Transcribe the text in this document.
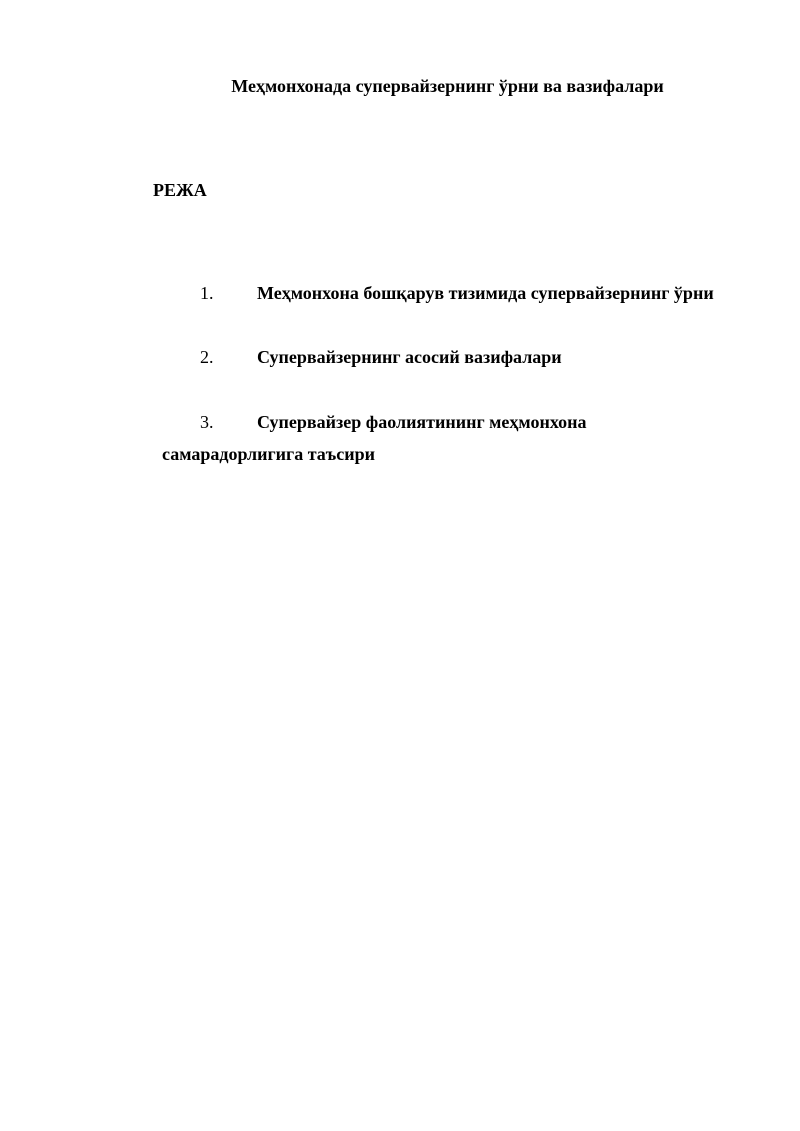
Меҳмонхонада супервайзернинг ўрни ва вазифалари
РЕЖА
1. Меҳмонхона бошқарув тизимида супервайзернинг ўрни
2. Супервайзернинг асосий вазифалари
3. Супервайзер фаолиятининг меҳмонхона
самарадорлигига таъсири
